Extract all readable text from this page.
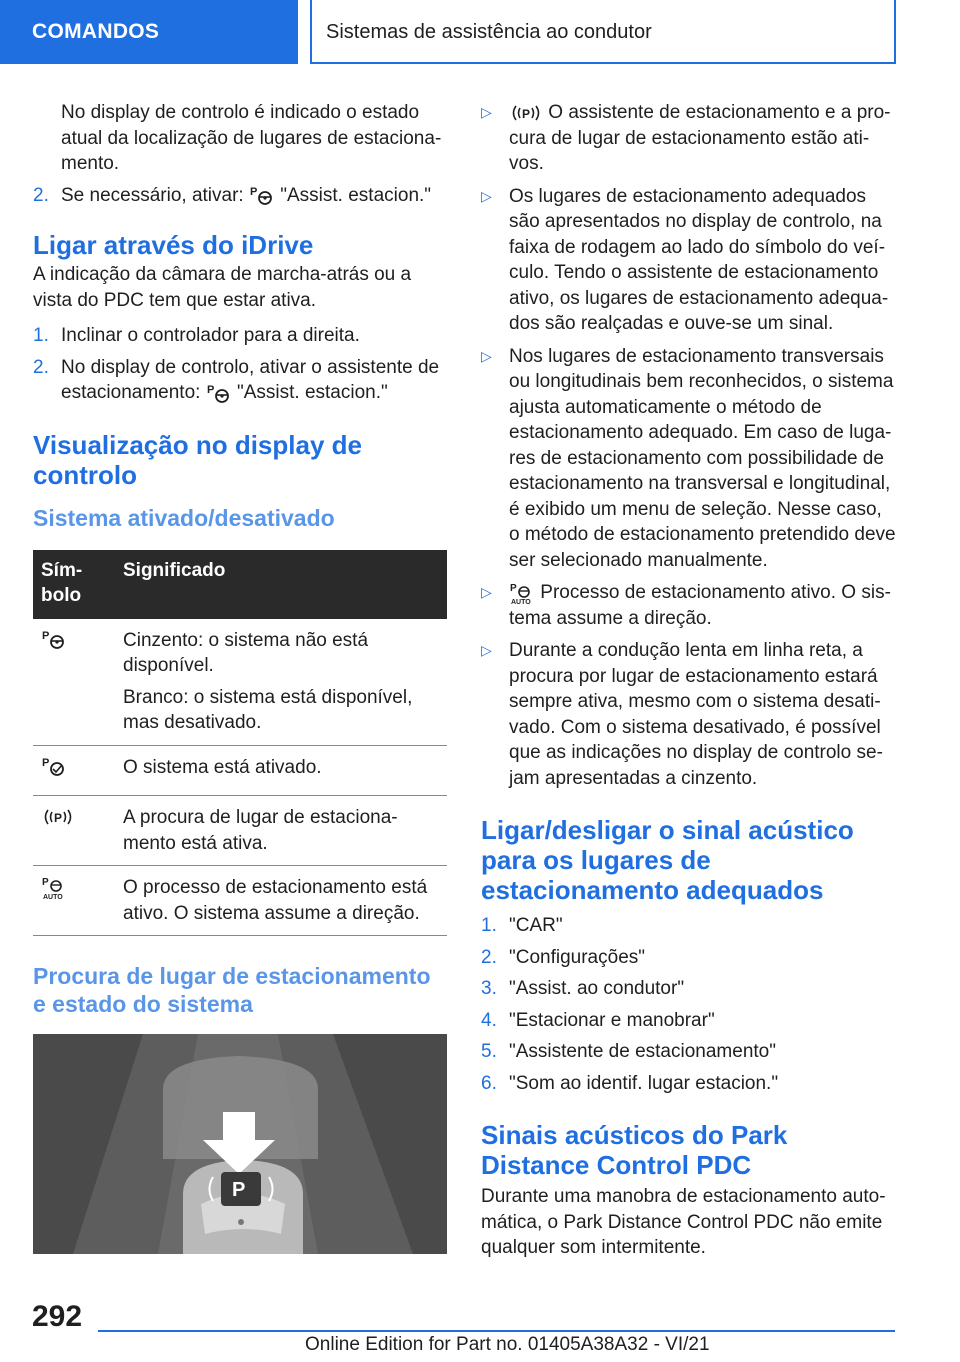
COMANDOS	Sistemas de assistência ao condutor

No display de controlo é indicado o estado atual da localização de lugares de estacionamento.

2. Se necessário, ativar: P "Assist. estacion."
Ligar através do iDrive

A indicação da câmara de marcha-atrás ou a vista do PDC tem que estar ativa.

1. Inclinar o controlador para a direita.
2. No display de controlo, ativar o assistente de estacionamento: P "Assist. estacion."
Visualização no display de controlo
Sistema ativado/desativado
Símbolo	Significado

P	Cinzento: o sistema não está disponível.

Branco: o sistema está disponível, mas desativado.

P	O sistema está ativado.

P	A procura de lugar de estacionamento está ativa.

P
AUTO	O processo de estacionamento está ativo. O sistema assume a direção.

Procura de lugar de estacionamento e estado do sistema
P
▷	P O assistente de estacionamento e a procura de lugar de estacionamento estão ativos.
▷ Os lugares de estacionamento adequados são apresentados no display de controlo, na faixa de rodagem ao lado do símbolo do veículo. Tendo o assistente de estacionamento ativo, os lugares de estacionamento adequados são realçadas e ouve-se um sinal.
▷ Nos lugares de estacionamento transversais ou longitudinais bem reconhecidos, o sistema ajusta automaticamente o método de estacionamento adequado. Em caso de lugares de estacionamento com possibilidade de estacionamento na transversal e longitudinal, é exibido um menu de seleção. Nesse caso, o método de estacionamento pretendido deve ser selecionado manualmente.
▷ P
AUTO Processo de estacionamento ativo. O sistema assume a direção.
▷ Durante a condução lenta em linha reta, a procura por lugar de estacionamento estará sempre ativa, mesmo com o sistema desativado. Com o sistema desativado, é possível que as indicações no display de controlo sejam apresentadas a cinzento.
Ligar/desligar o sinal acústico para os lugares de estacionamento adequados
1. "CAR"
2. "Configurações"
3. "Assist. ao condutor"
4. "Estacionar e manobrar"
5. "Assistente de estacionamento"
6. "Som ao identif. lugar estacion."
Sinais acústicos do Park Distance Control PDC

Durante uma manobra de estacionamento automática, o Park Distance Control PDC não emite qualquer som intermitente.

292
Online Edition for Part no. 01405A38A32 - VI/21
